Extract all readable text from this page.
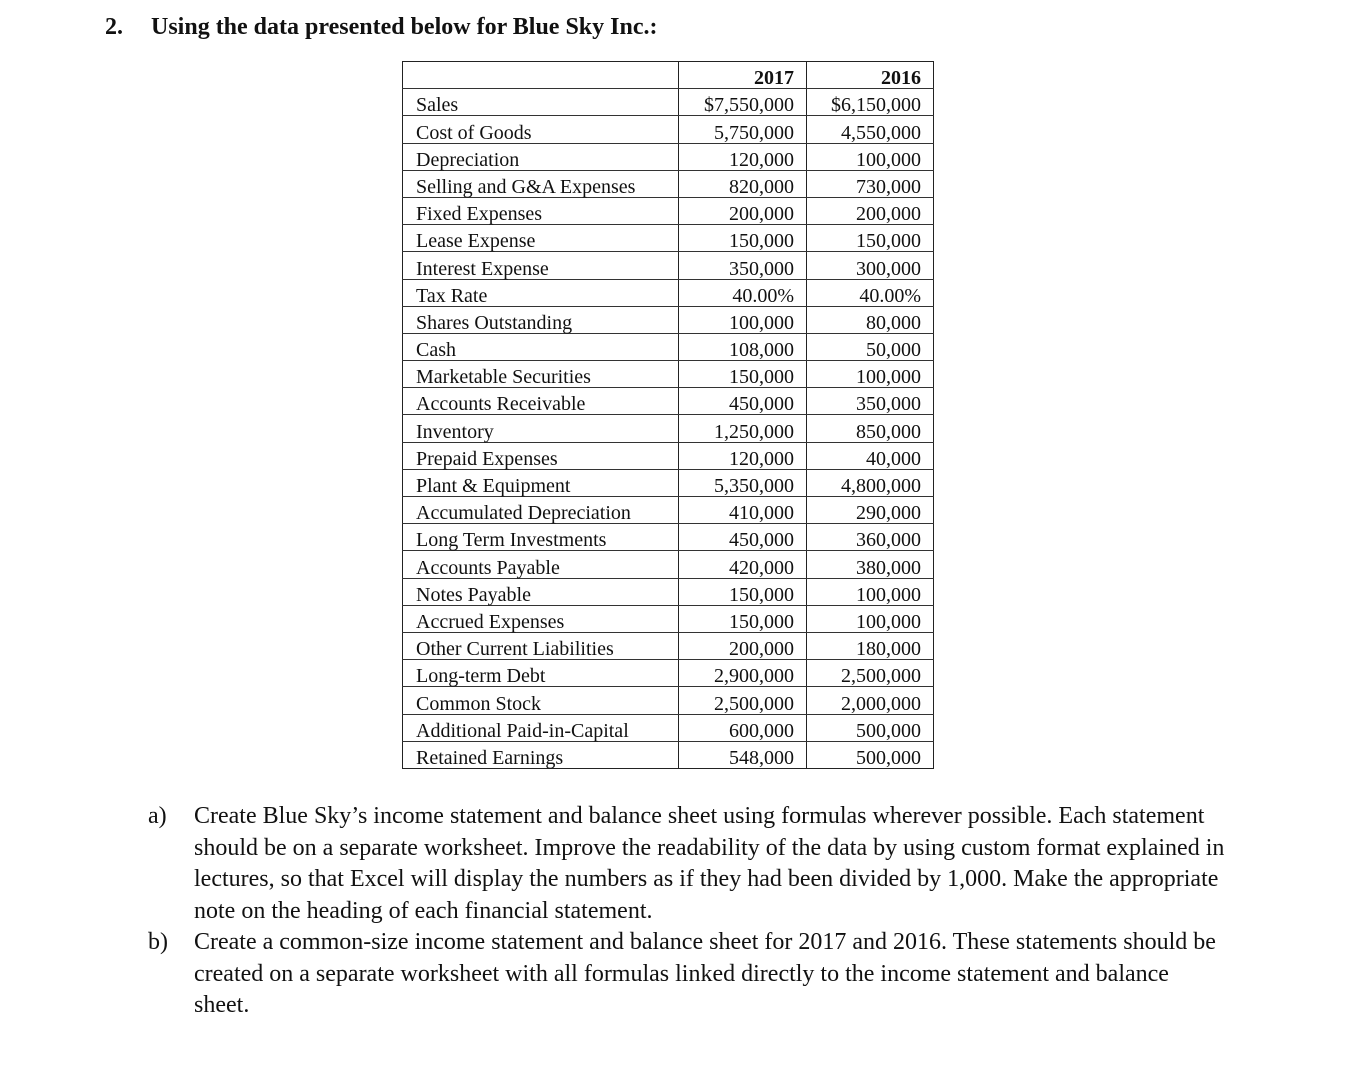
2. Using the data presented below for Blue Sky Inc.:
	2017	2016
Sales	$7,550,000	$6,150,000
Cost of Goods	5,750,000	4,550,000
Depreciation	120,000	100,000
Selling and G&A Expenses	820,000	730,000
Fixed Expenses	200,000	200,000
Lease Expense	150,000	150,000
Interest Expense	350,000	300,000
Tax Rate	40.00%	40.00%
Shares Outstanding	100,000	80,000
Cash	108,000	50,000
Marketable Securities	150,000	100,000
Accounts Receivable	450,000	350,000
Inventory	1,250,000	850,000
Prepaid Expenses	120,000	40,000
Plant & Equipment	5,350,000	4,800,000
Accumulated Depreciation	410,000	290,000
Long Term Investments	450,000	360,000
Accounts Payable	420,000	380,000
Notes Payable	150,000	100,000
Accrued Expenses	150,000	100,000
Other Current Liabilities	200,000	180,000
Long-term Debt	2,900,000	2,500,000
Common Stock	2,500,000	2,000,000
Additional Paid-in-Capital	600,000	500,000
Retained Earnings	548,000	500,000
a)	Create Blue Sky’s income statement and balance sheet using formulas wherever possible. Each statement should be on a separate worksheet. Improve the readability of the data by using custom format explained in lectures, so that Excel will display the numbers as if they had been divided by 1,000. Make the appropriate note on the heading of each financial statement.
b)	Create a common-size income statement and balance sheet for 2017 and 2016. These statements should be created on a separate worksheet with all formulas linked directly to the income statement and balance sheet.
